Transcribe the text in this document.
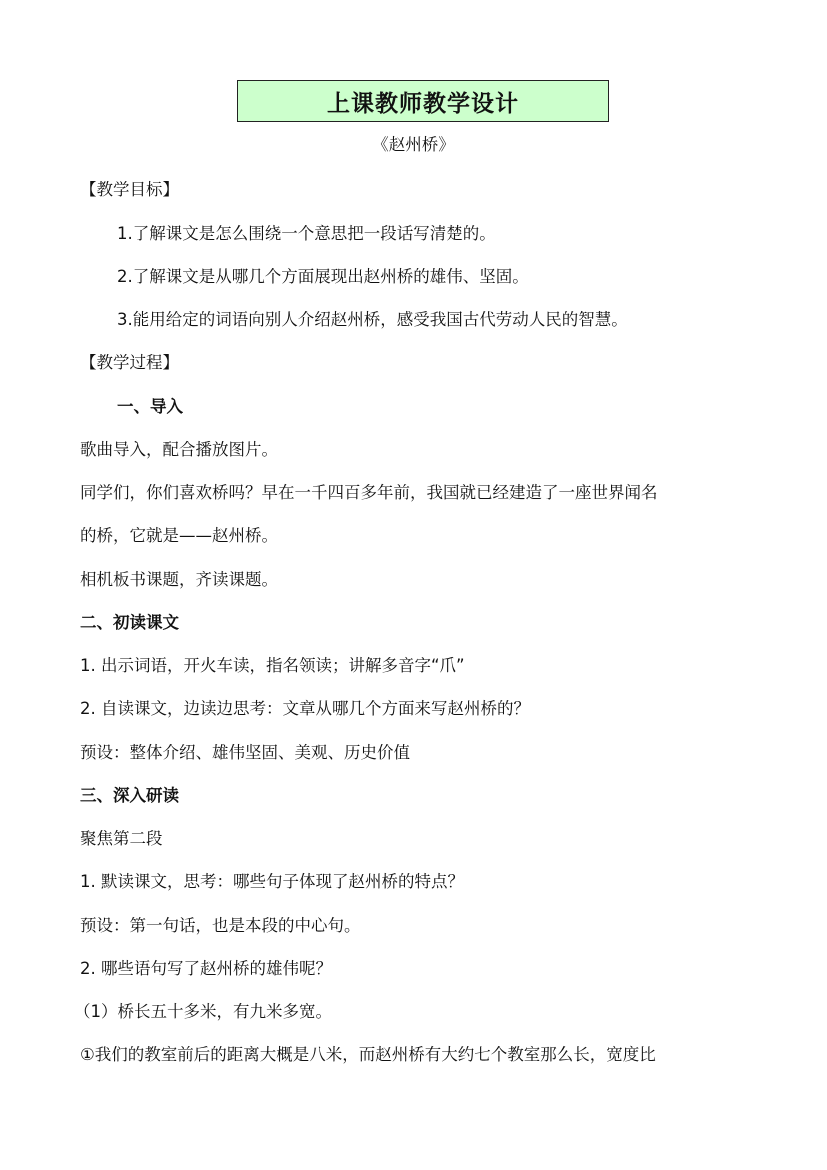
上课教师教学设计
《赵州桥》
【教学目标】
1.了解课文是怎么围绕一个意思把一段话写清楚的。
2.了解课文是从哪几个方面展现出赵州桥的雄伟、坚固。
3.能用给定的词语向别人介绍赵州桥，感受我国古代劳动人民的智慧。
【教学过程】
一、导入
歌曲导入，配合播放图片。
同学们，你们喜欢桥吗？早在一千四百多年前，我国就已经建造了一座世界闻名
的桥，它就是——赵州桥。
相机板书课题，齐读课题。
二、初读课文
1. 出示词语，开火车读，指名领读；讲解多音字“爪”
2. 自读课文，边读边思考：文章从哪几个方面来写赵州桥的？
预设：整体介绍、雄伟坚固、美观、历史价值
三、深入研读
聚焦第二段
1. 默读课文，思考：哪些句子体现了赵州桥的特点？
预设：第一句话，也是本段的中心句。
2. 哪些语句写了赵州桥的雄伟呢？
（1）桥长五十多米，有九米多宽。
①我们的教室前后的距离大概是八米，而赵州桥有大约七个教室那么长，宽度比
